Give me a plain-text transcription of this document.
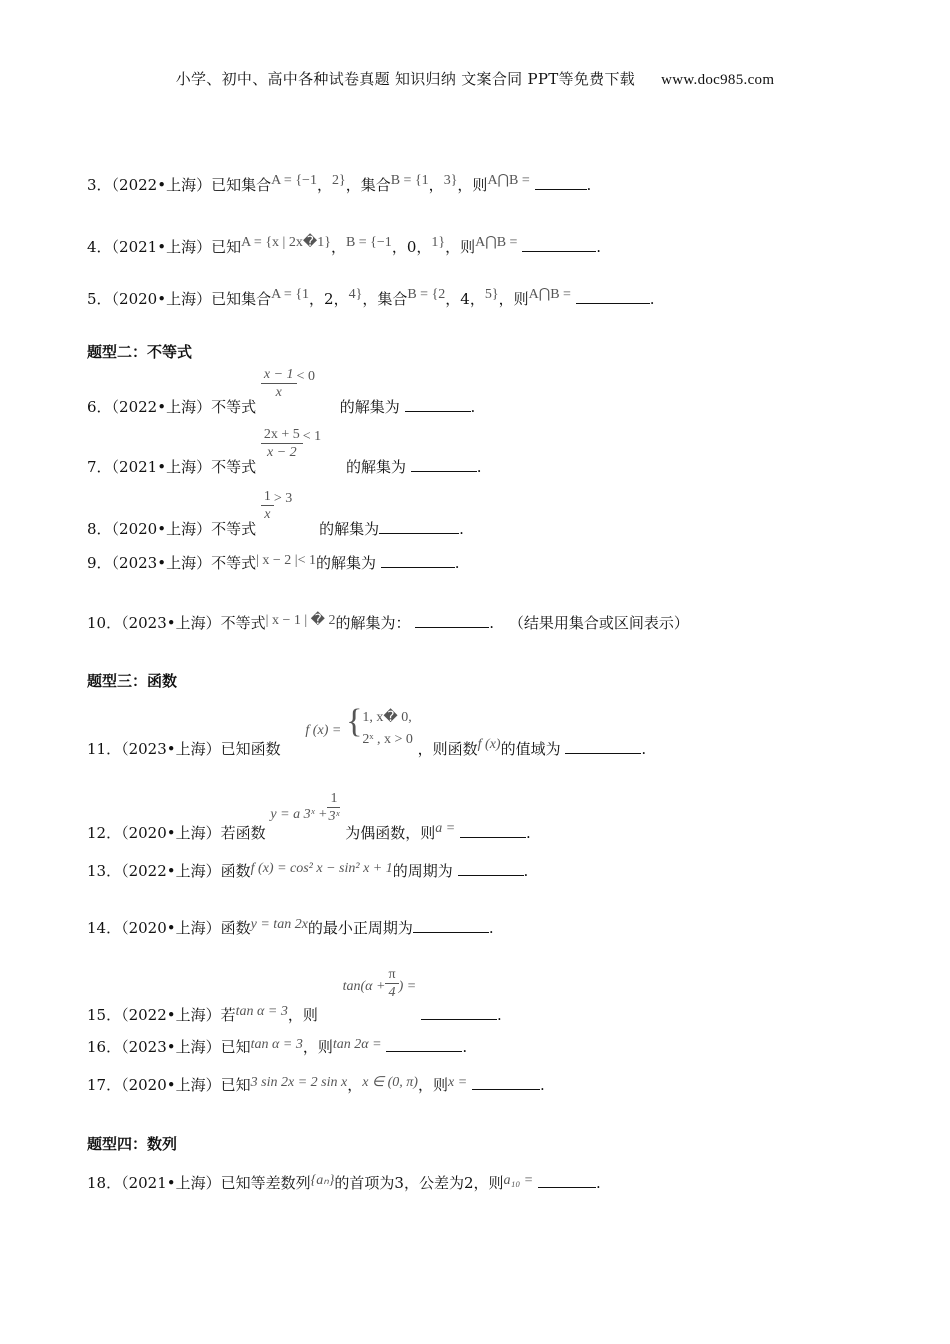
小学、初中、高中各种试卷真题 知识归纳 文案合同 PPT等免费下载 www.doc985.com
3．（2022•上海）已知集合A = {−1，2}，集合B = {1，3}，则A⋂B =	.
4．（2021•上海）已知A = {x | 2x�1}，B = {−1，0，1}，则A⋂B =	.
5．（2020•上海）已知集合A = {1，2，4}，集合B = {2，4，5}，则A⋂B =	.
题型二：不等式
6．（2022•上海）不等式
$\frac{x - 1}{x} < 0$ 的解集为	.
7．（2021•上海）不等式
$\frac{2x + 5}{x - 2} < 1$ 的解集为	.
8．（2020•上海）不等式
$\frac{1}{x} > 3$ 的解集为	.
9．（2023•上海）不等式| x − 2 |< 1的解集为	.
10．（2023•上海）不等式| x − 1 | � 2的解集为：	. （结果用集合或区间表示）
题型三：函数
11．（2023•上海）已知函数 f (x) = { 1, x� 0,
2ˣ , x > 0
，则函数f (x)的值域为	.
12．（2020•上海）若函数 y = a 3ˣ + $\frac{1}{\text{3ˣ}}$
为偶函数，则a =	.
13．（2022•上海）函数f (x) = cos² x − sin² x + 1的周期为	.
14．（2020•上海）函数y = tan 2x的最小正周期为	.
15．（2022•上海）若tan α = 3，则 $\tan(\alpha + \frac{\pi}{4}$ ) = .
16．（2023•上海）已知tan α = 3，则tan 2α =	.
17．（2020•上海）已知3 sin 2x = 2 sin x，x ∈ (0, π)，则x =	.
题型四：数列
18．（2021•上海）已知等差数列{aₙ}的首项为3，公差为2，则a₁₀ =	.
